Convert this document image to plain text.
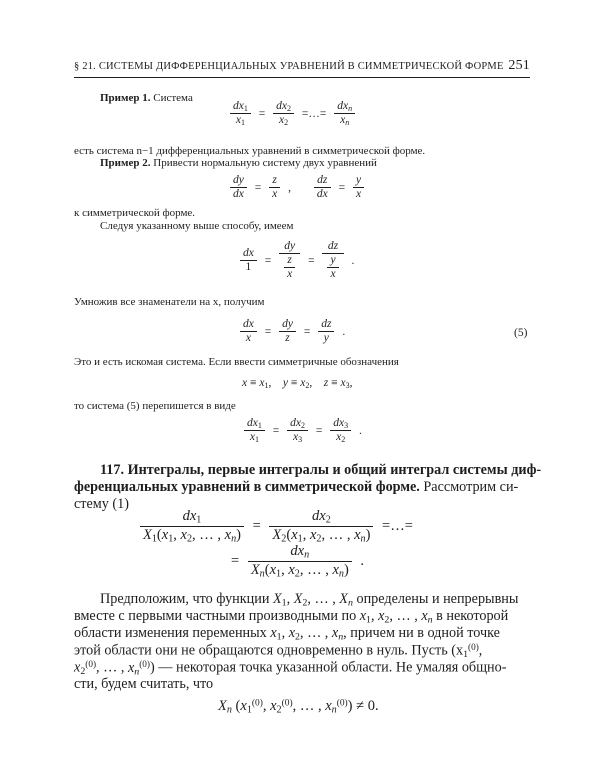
§ 21. СИСТЕМЫ ДИФФЕРЕНЦИАЛЬНЫХ УРАВНЕНИЙ В СИММЕТРИЧЕСКОЙ ФОРМЕ 251
Пример 1. Система
$\frac{dx_1}{x_1} = \frac{dx_2}{x_2}$ =…= $\frac{dx_n}{x_n}$
есть система n−1 дифференциальных уравнений в симметрической форме.
Пример 2. Привести нормальную систему двух уравнений
$\frac{dy}{dx} = \frac{z}{x}$ , $\frac{dz}{dx} = \frac{y}{x}$
к симметрической форме.
Следуя указанному выше способу, имеем
$\frac{dx}{1} = \frac{dy}{\frac{z}{x}} = \frac{dz}{\frac{y}{x}}$ .
Умножив все знаменатели на x, получим
$\frac{dx}{x} = \frac{dy}{z} = \frac{dz}{y}$ .	(5)
Это и есть искомая система. Если ввести симметричные обозначения
$x \equiv x_1$,    $y \equiv x_2$,    $z \equiv x_3$,
то система (5) перепишется в виде
$\frac{dx_1}{x_1} = \frac{dx_2}{x_3} = \frac{dx_3}{x_2}$ .
117. Интегралы, первые интегралы и общий интеграл системы диф-
ференциальных уравнений в симметрической форме. Рассмотрим си-
стему (1)
$\frac{dx_1}{X_1(x_1, x_2, \dots , x_n)} = \frac{dx_2}{X_2(x_1, x_2, \dots , x_n)}$ =…=
= $\frac{dx_n}{X_n(x_1, x_2, \dots , x_n)}$ .
Предположим, что функции $X_1$, $X_2$, … , $X_n$ определены и непрерывны
вместе с первыми частными производными по $x_1$, $x_2$, … , $x_n$ в некоторой
области изменения переменных $x_1$, $x_2$, … , $x_n$, причем ни в одной точке
этой области они не обращаются одновременно в нуль. Пусть ($x_1^{(0)}$,
$x_2^{(0)}$, … , $x_n^{(0)}$) — некоторая точка указанной области. Не умаляя общно-
сти, будем считать, что
$X_n$ ($x_1^{(0)}$, $x_2^{(0)}$, … , $x_n^{(0)}) \ne 0$.
